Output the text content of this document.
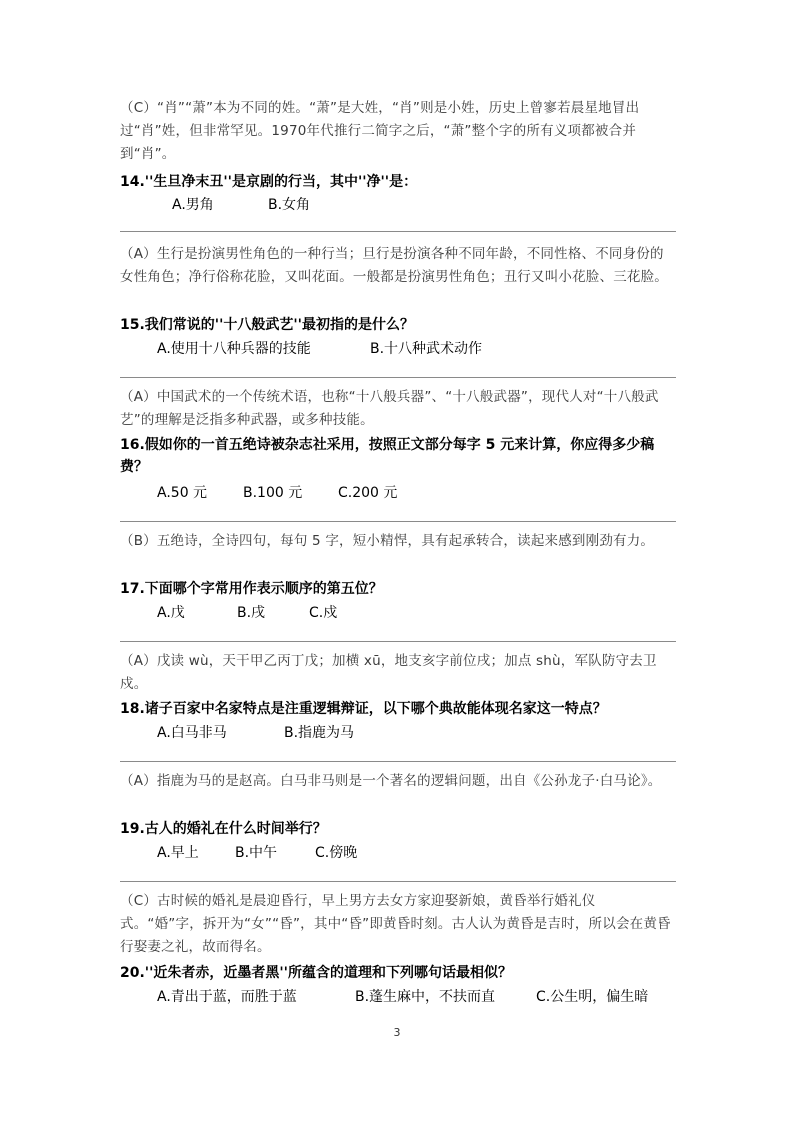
（C）“肖”“萧”本为不同的姓。“萧”是大姓，“肖”则是小姓，历史上曾寥若晨星地冒出过“肖”姓，但非常罕见。1970年代推行二简字之后，“萧”整个字的所有义项都被合并到“肖”。
14.''生旦净末丑''是京剧的行当，其中''净''是：
A.男角	B.女角
（A）生行是扮演男性角色的一种行当；旦行是扮演各种不同年龄，不同性格、不同身份的女性角色；净行俗称花脸，又叫花面。一般都是扮演男性角色；丑行又叫小花脸、三花脸。
15.我们常说的''十八般武艺''最初指的是什么？
A.使用十八种兵器的技能	B.十八种武术动作
（A）中国武术的一个传统术语，也称“十八般兵器”、“十八般武器”，现代人对“十八般武艺”的理解是泛指多种武器，或多种技能。
16.假如你的一首五绝诗被杂志社采用，按照正文部分每字 5 元来计算，你应得多少稿费？
A.50 元	B.100 元	C.200 元
（B）五绝诗，全诗四句，每句 5 字，短小精悍，具有起承转合，读起来感到刚劲有力。
17.下面哪个字常用作表示顺序的第五位？
A.戊	B.戌	C.戍
（A）戊读 wù，天干甲乙丙丁戊；加横 xū，地支亥字前位戌；加点 shù，军队防守去卫戍。
18.诸子百家中名家特点是注重逻辑辩证，以下哪个典故能体现名家这一特点？
A.白马非马	B.指鹿为马
（A）指鹿为马的是赵高。白马非马则是一个著名的逻辑问题，出自《公孙龙子·白马论》。
19.古人的婚礼在什么时间举行？
A.早上	B.中午	C.傍晚
（C）古时候的婚礼是晨迎昏行，早上男方去女方家迎娶新娘，黄昏举行婚礼仪式。“婚”字，拆开为“女”“昏”，其中“昏”即黄昏时刻。古人认为黄昏是吉时，所以会在黄昏行娶妻之礼，故而得名。
20.''近朱者赤，近墨者黑''所蕴含的道理和下列哪句话最相似？
A.青出于蓝，而胜于蓝	B.蓬生麻中，不扶而直	C.公生明，偏生暗
3
